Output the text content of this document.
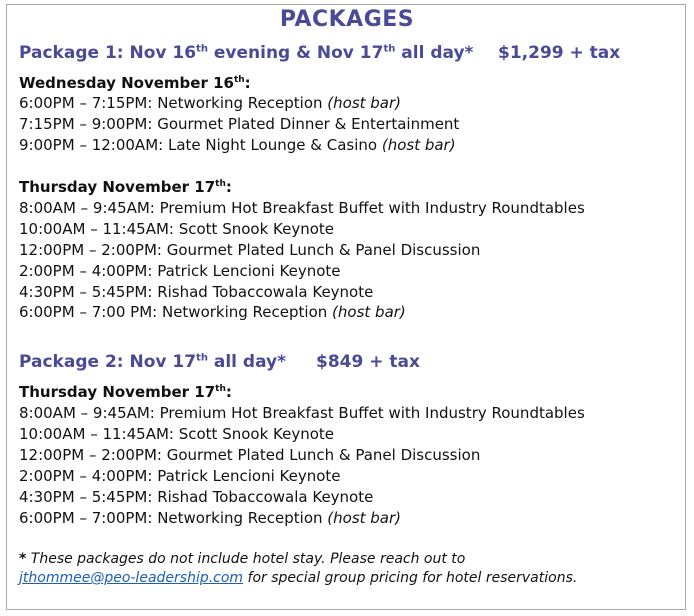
PACKAGES
Package 1: Nov 16th evening & Nov 17th all day* $1,299 + tax
Wednesday November 16th:
6:00PM – 7:15PM: Networking Reception (host bar)
7:15PM – 9:00PM: Gourmet Plated Dinner & Entertainment
9:00PM – 12:00AM: Late Night Lounge & Casino (host bar)
Thursday November 17th:
8:00AM – 9:45AM: Premium Hot Breakfast Buffet with Industry Roundtables
10:00AM – 11:45AM: Scott Snook Keynote
12:00PM – 2:00PM: Gourmet Plated Lunch & Panel Discussion
2:00PM – 4:00PM: Patrick Lencioni Keynote
4:30PM – 5:45PM: Rishad Tobaccowala Keynote
6:00PM – 7:00 PM: Networking Reception (host bar)
Package 2: Nov 17th all day* $849 + tax
Thursday November 17th:
8:00AM – 9:45AM: Premium Hot Breakfast Buffet with Industry Roundtables
10:00AM – 11:45AM: Scott Snook Keynote
12:00PM – 2:00PM: Gourmet Plated Lunch & Panel Discussion
2:00PM – 4:00PM: Patrick Lencioni Keynote
4:30PM – 5:45PM: Rishad Tobaccowala Keynote
6:00PM – 7:00PM: Networking Reception (host bar)
* These packages do not include hotel stay. Please reach out to
jthommee@peo-leadership.com for special group pricing for hotel reservations.
